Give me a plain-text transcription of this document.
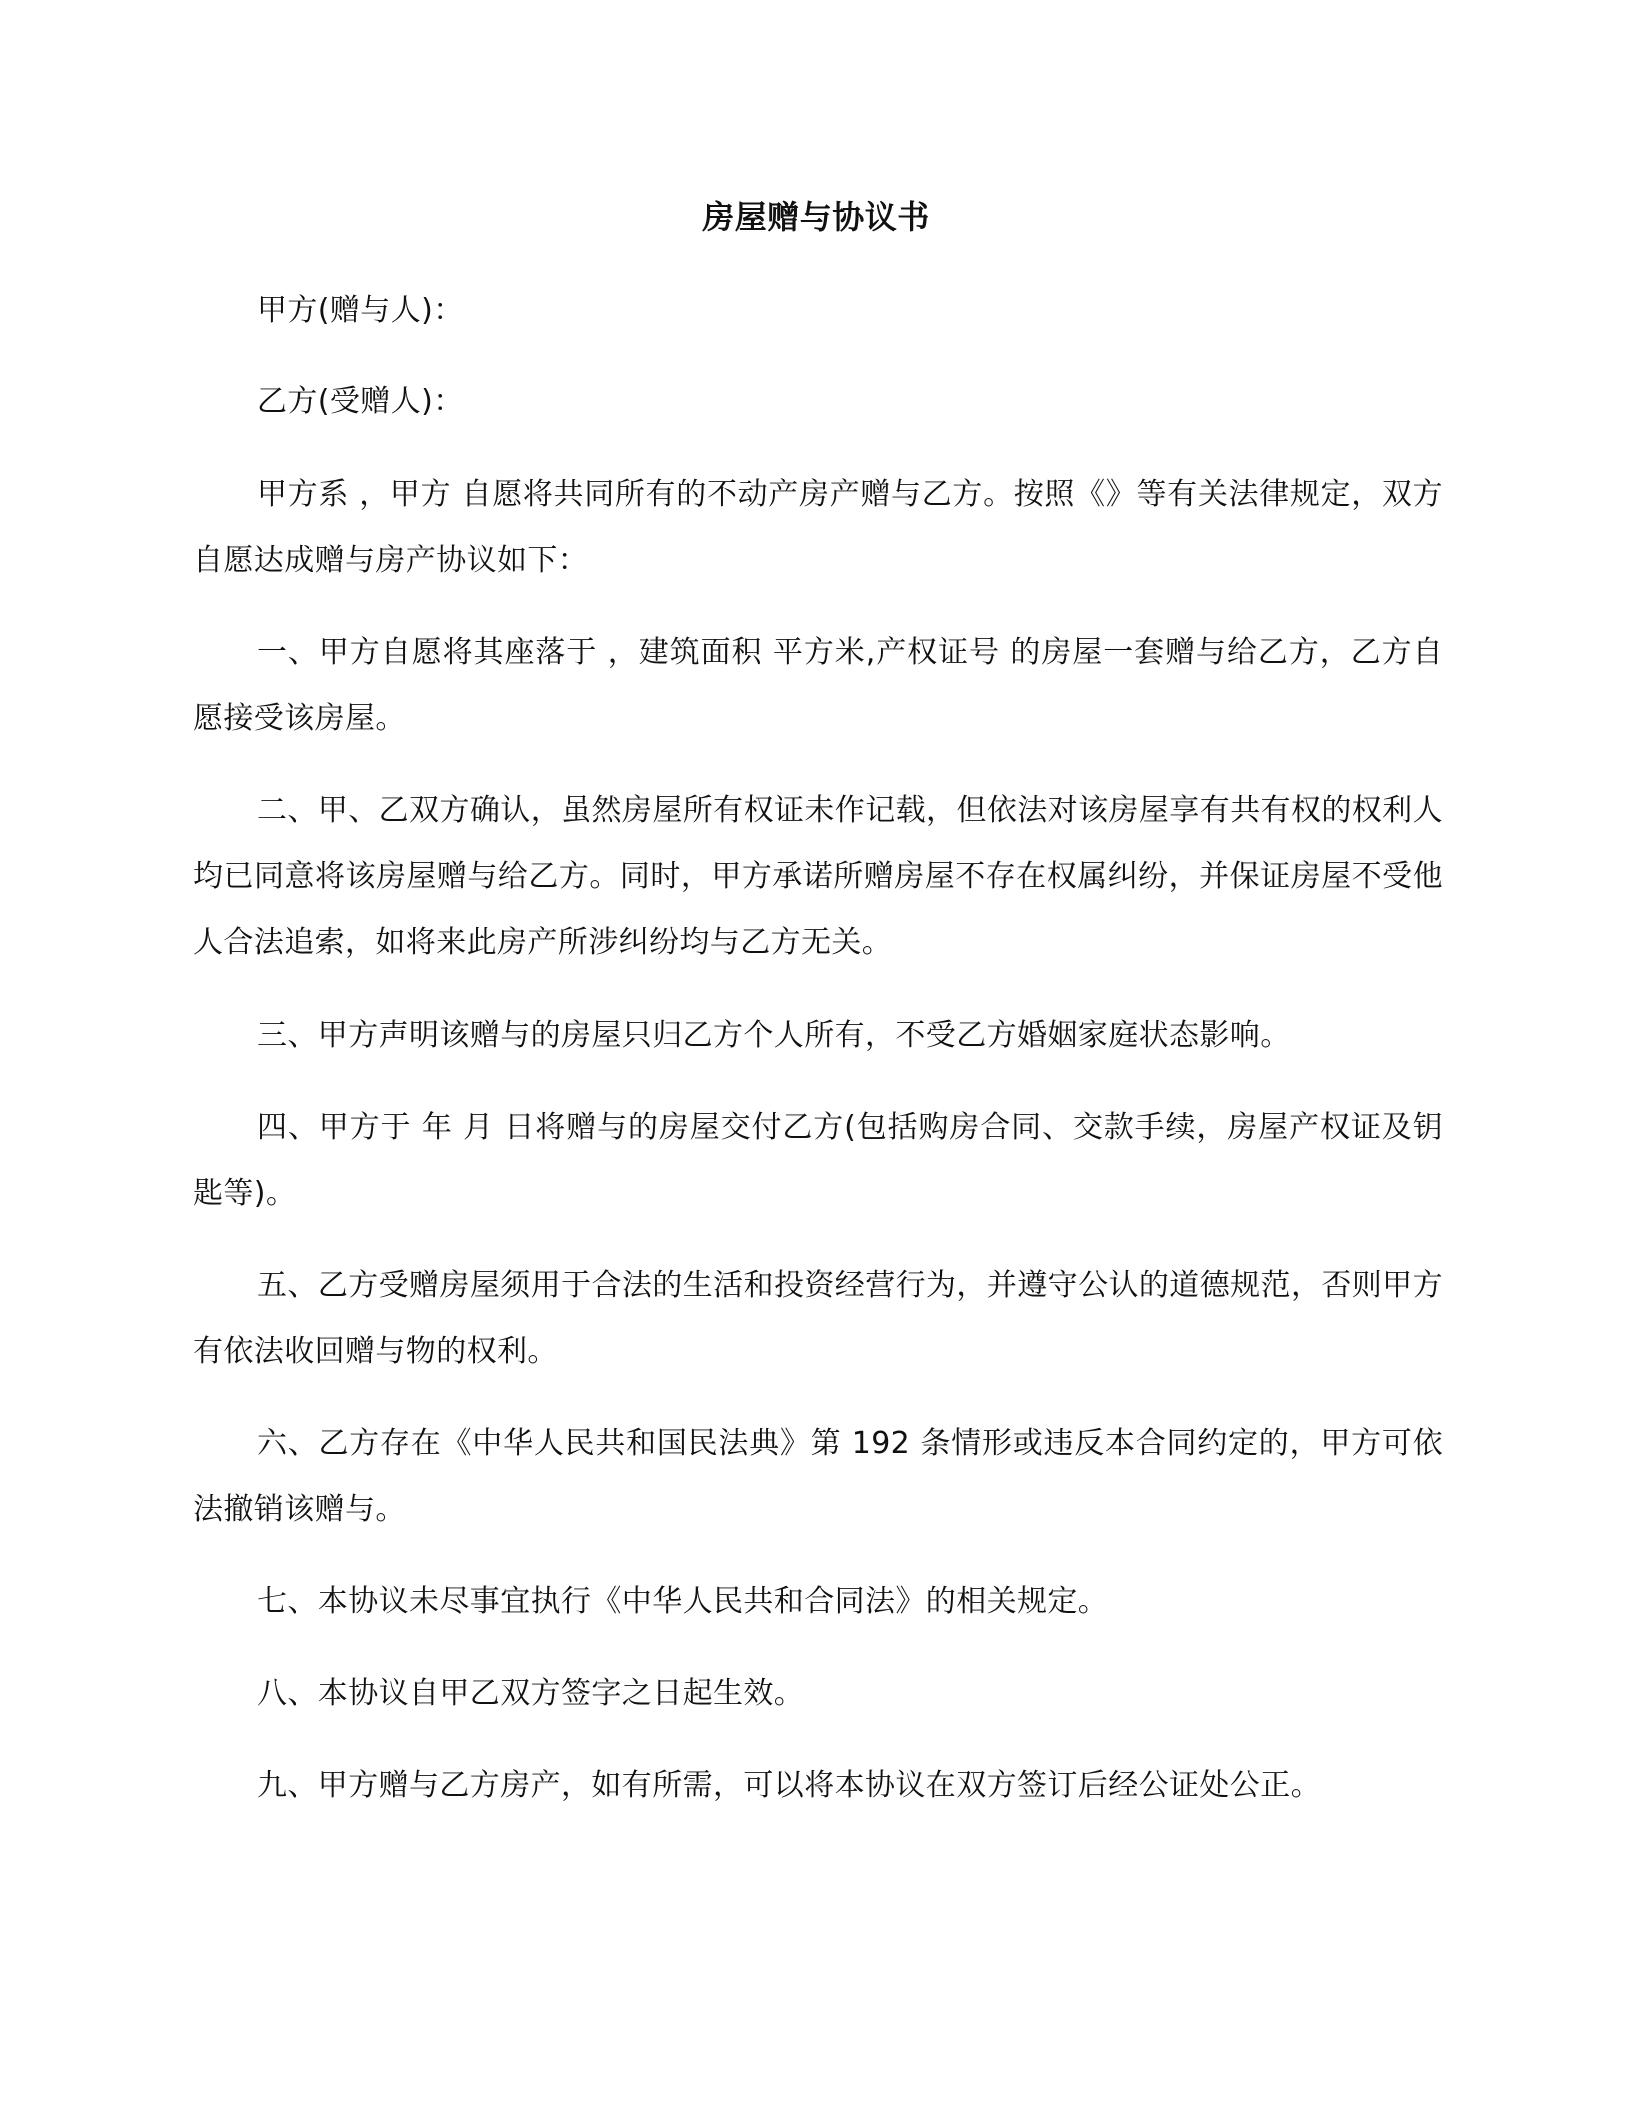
房屋赠与协议书
甲方(赠与人)：
乙方(受赠人)：

甲方系 ，甲方 自愿将共同所有的不动产房产赠与乙方。按照《》等有关法律规定，双方自愿达成赠与房产协议如下：

一、甲方自愿将其座落于 ，建筑面积 平方米,产权证号 的房屋一套赠与给乙方，乙方自愿接受该房屋。

二、甲、乙双方确认，虽然房屋所有权证未作记载，但依法对该房屋享有共有权的权利人均已同意将该房屋赠与给乙方。同时，甲方承诺所赠房屋不存在权属纠纷，并保证房屋不受他人合法追索，如将来此房产所涉纠纷均与乙方无关。

三、甲方声明该赠与的房屋只归乙方个人所有，不受乙方婚姻家庭状态影响。

四、甲方于 年 月 日将赠与的房屋交付乙方(包括购房合同、交款手续，房屋产权证及钥匙等)。

五、乙方受赠房屋须用于合法的生活和投资经营行为，并遵守公认的道德规范，否则甲方有依法收回赠与物的权利。

六、乙方存在《中华人民共和国民法典》第 192 条情形或违反本合同约定的，甲方可依法撤销该赠与。

七、本协议未尽事宜执行《中华人民共和合同法》的相关规定。

八、本协议自甲乙双方签字之日起生效。

九、甲方赠与乙方房产，如有所需，可以将本协议在双方签订后经公证处公正。
